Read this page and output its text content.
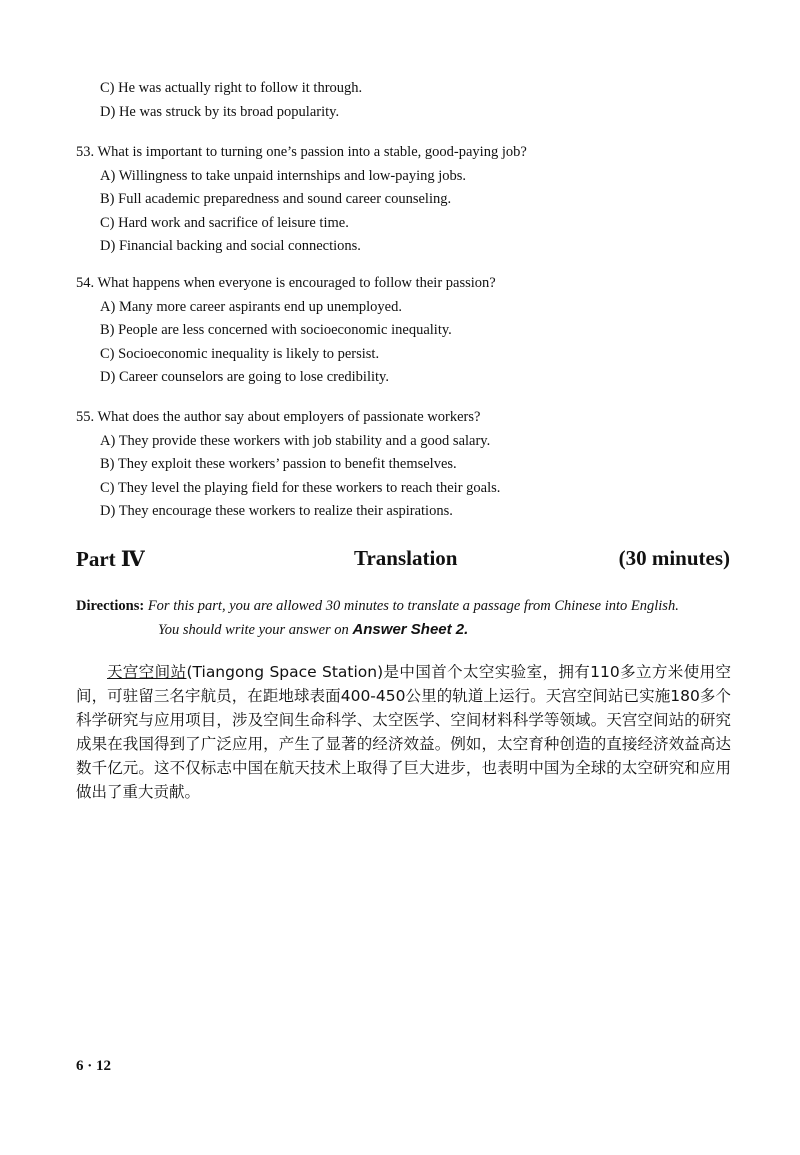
C) He was actually right to follow it through.
D) He was struck by its broad popularity.
53. What is important to turning one’s passion into a stable, good-paying job?
A) Willingness to take unpaid internships and low-paying jobs.
B) Full academic preparedness and sound career counseling.
C) Hard work and sacrifice of leisure time.
D) Financial backing and social connections.
54. What happens when everyone is encouraged to follow their passion?
A) Many more career aspirants end up unemployed.
B) People are less concerned with socioeconomic inequality.
C) Socioeconomic inequality is likely to persist.
D) Career counselors are going to lose credibility.
55. What does the author say about employers of passionate workers?
A) They provide these workers with job stability and a good salary.
B) They exploit these workers’ passion to benefit themselves.
C) They level the playing field for these workers to reach their goals.
D) They encourage these workers to realize their aspirations.
Part Ⅳ	Translation	(30 minutes)
Directions: For this part, you are allowed 30 minutes to translate a passage from Chinese into English.
You should write your answer on Answer Sheet 2.
天宫空间站(Tiangong Space Station)是中国首个太空实验室，拥有110多立方米使用空间，可驻留三名宇航员，在距地球表面400-450公里的轨道上运行。天宫空间站已实施180多个科学研究与应用项目，涉及空间生命科学、太空医学、空间材料科学等领域。天宫空间站的研究成果在我国得到了广泛应用，产生了显著的经济效益。例如，太空育种创造的直接经济效益高达数千亿元。这不仅标志中国在航天技术上取得了巨大进步，也表明中国为全球的太空研究和应用做出了重大贡献。
6 · 12
